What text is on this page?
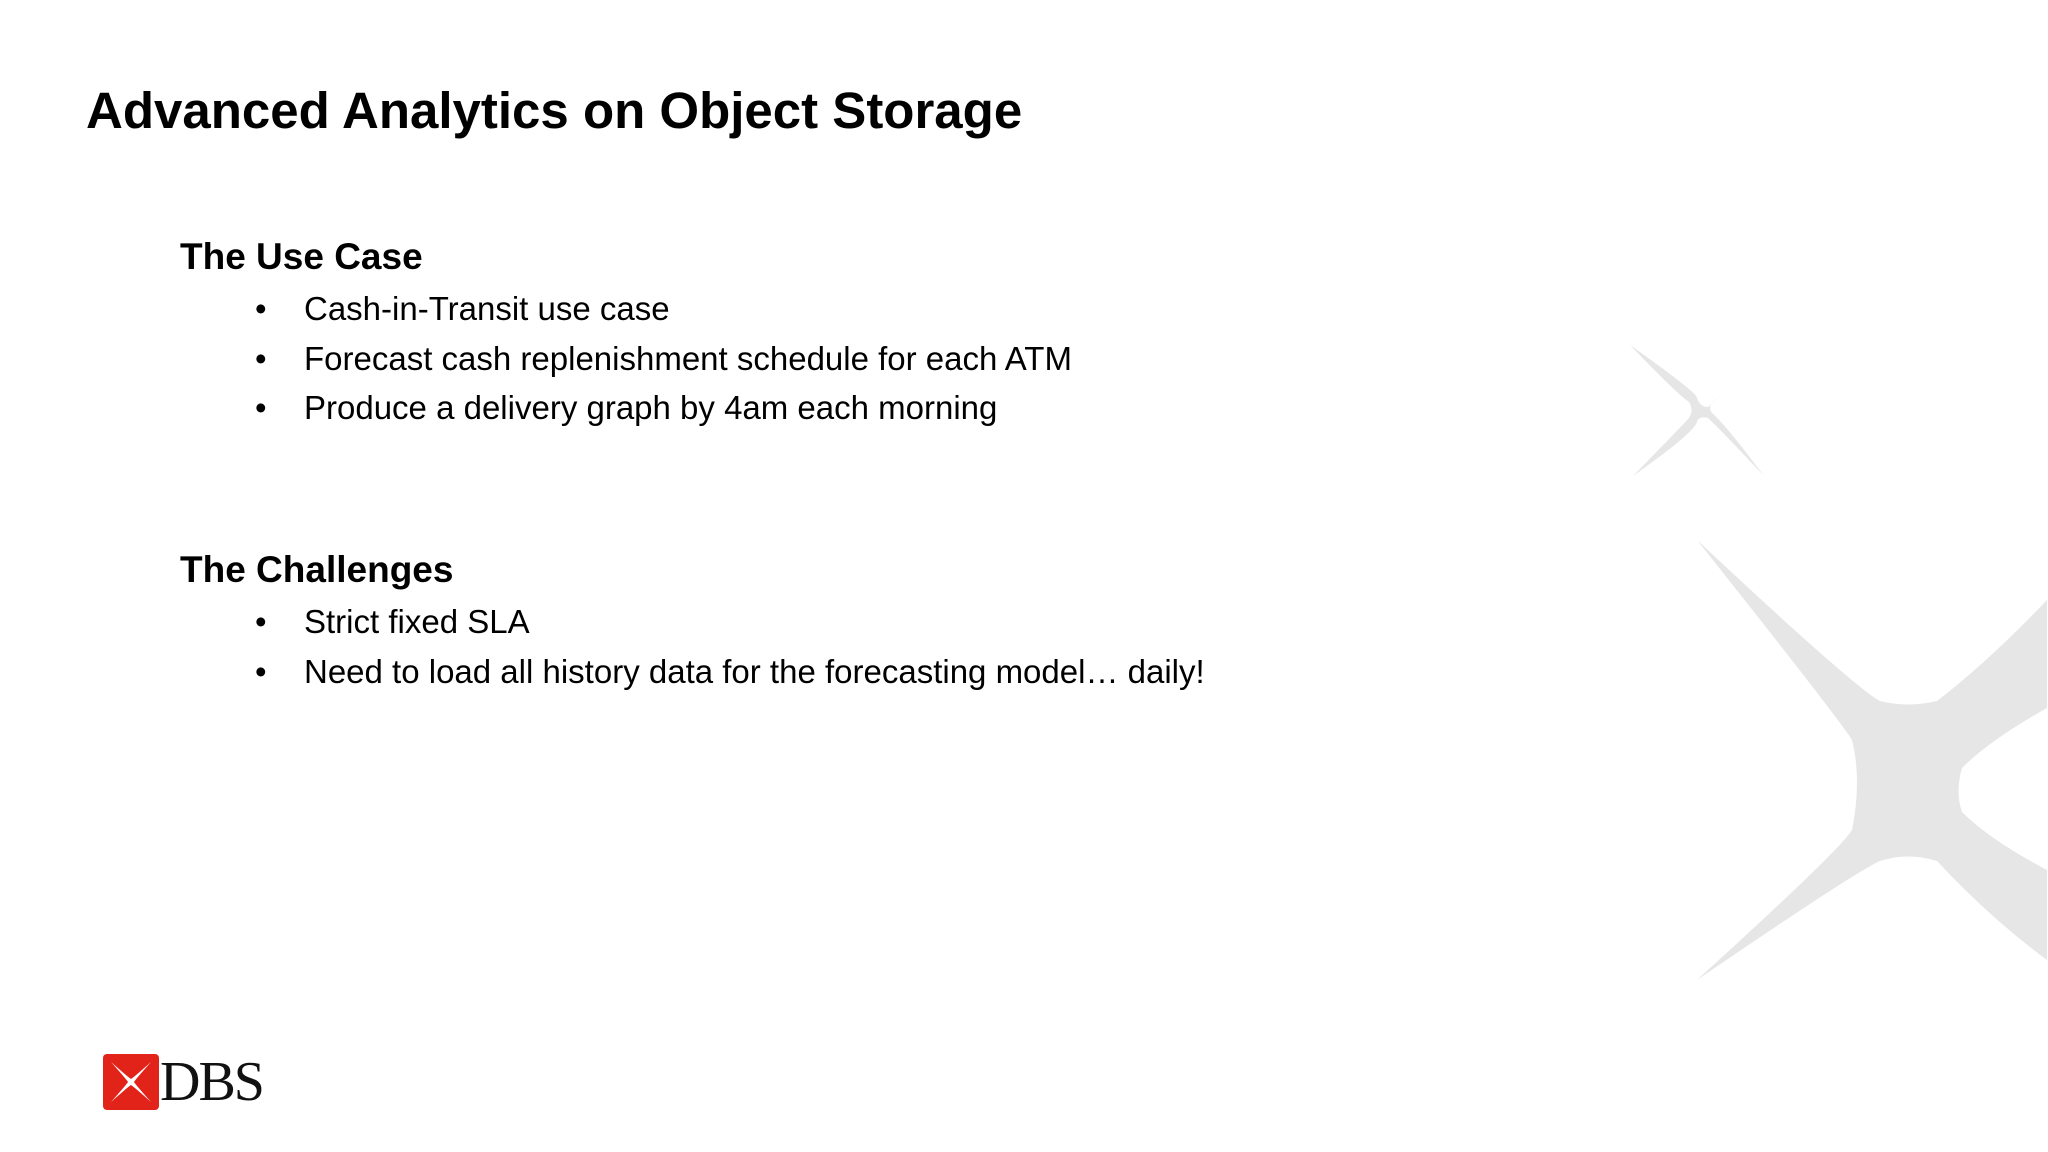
Advanced Analytics on Object Storage
The Use Case
• Cash-in-Transit use case
• Forecast cash replenishment schedule for each ATM
• Produce a delivery graph by 4am each morning
The Challenges
• Strict fixed SLA
• Need to load all history data for the forecasting model… daily!
DBS
